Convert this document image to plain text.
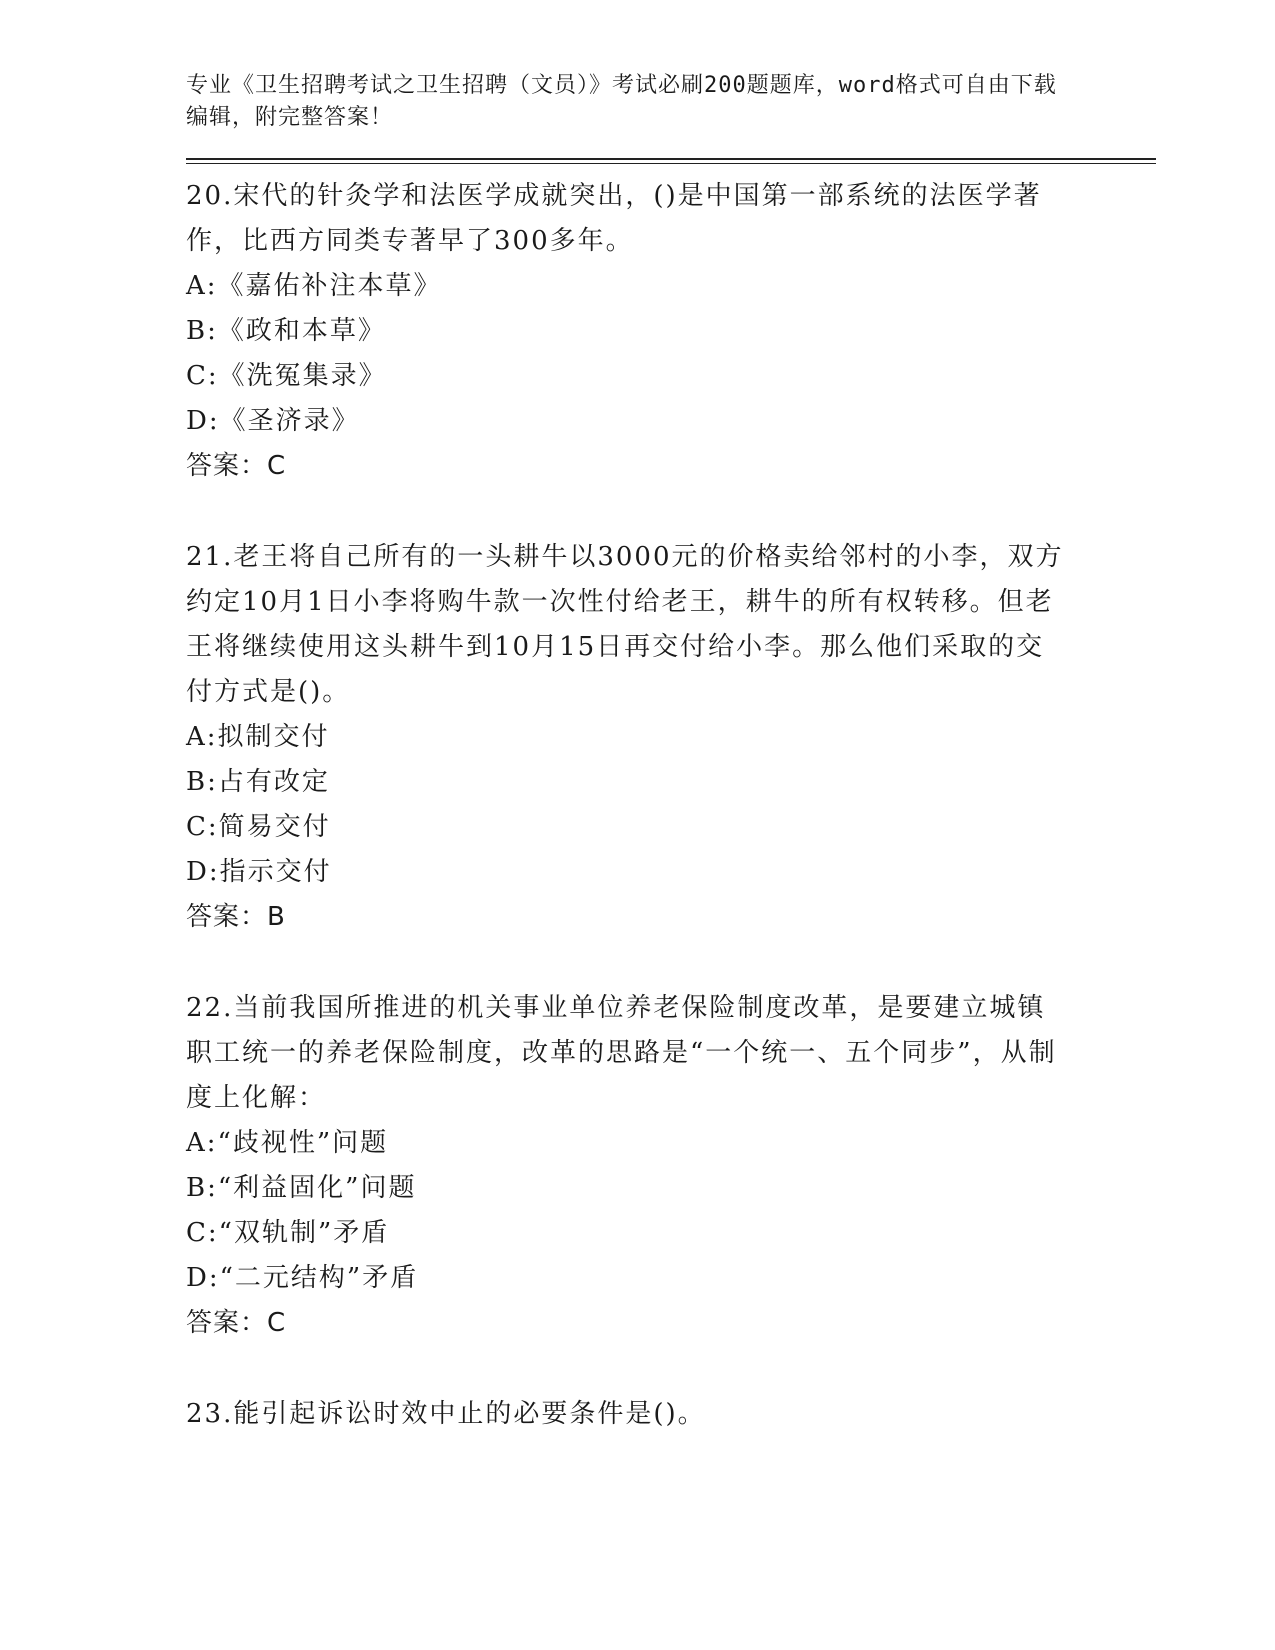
专业《卫生招聘考试之卫生招聘（文员）》考试必刷200题题库，word格式可自由下载编辑，附完整答案！

20.宋代的针灸学和法医学成就突出，()是中国第一部系统的法医学著作，比西方同类专著早了300多年。

A:《嘉佑补注本草》

B:《政和本草》

C:《洗冤集录》

D:《圣济录》

答案：C

21.老王将自己所有的一头耕牛以3000元的价格卖给邻村的小李，双方约定10月1日小李将购牛款一次性付给老王，耕牛的所有权转移。但老王将继续使用这头耕牛到10月15日再交付给小李。那么他们采取的交付方式是()。

A:拟制交付

B:占有改定

C:简易交付

D:指示交付

答案：B

22.当前我国所推进的机关事业单位养老保险制度改革，是要建立城镇职工统一的养老保险制度，改革的思路是“一个统一、五个同步”，从制度上化解：

A:“歧视性”问题

B:“利益固化”问题

C:“双轨制”矛盾

D:“二元结构”矛盾

答案：C

23.能引起诉讼时效中止的必要条件是()。
